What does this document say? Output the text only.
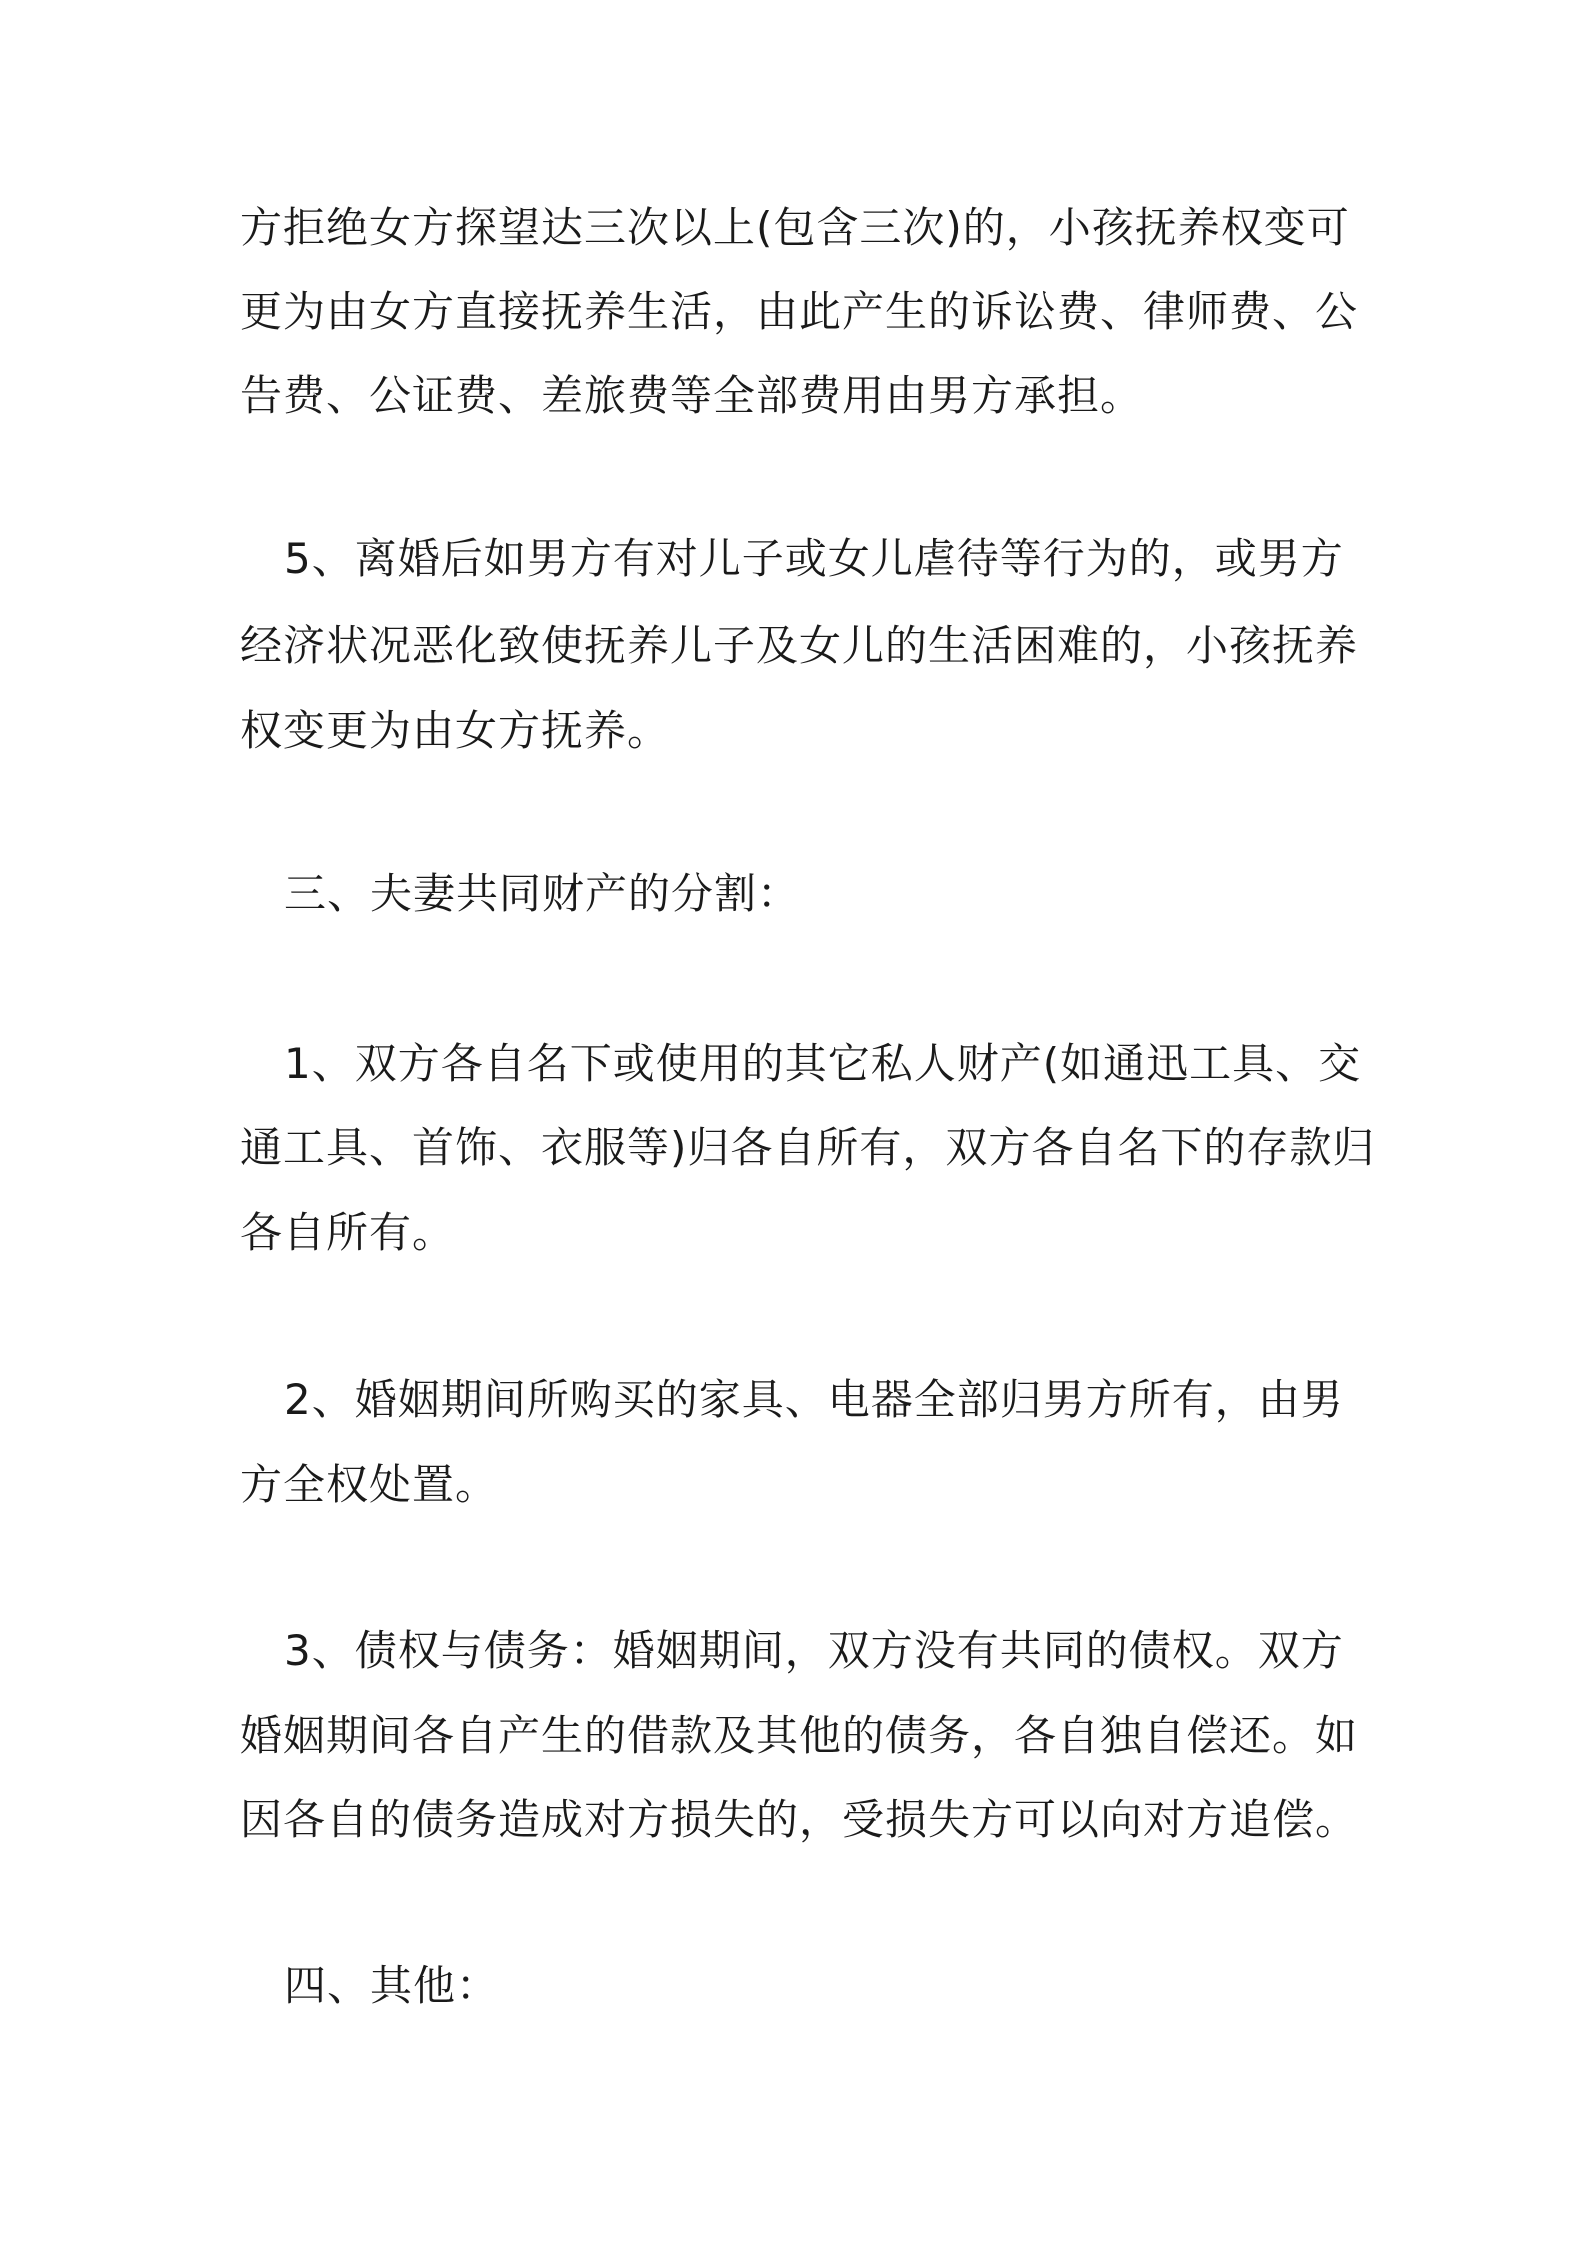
方拒绝女方探望达三次以上(包含三次)的，小孩抚养权变可

更为由女方直接抚养生活，由此产生的诉讼费、律师费、公

告费、公证费、差旅费等全部费用由男方承担。

5、离婚后如男方有对儿子或女儿虐待等行为的，或男方

经济状况恶化致使抚养儿子及女儿的生活困难的，小孩抚养

权变更为由女方抚养。

三、夫妻共同财产的分割：

1、双方各自名下或使用的其它私人财产(如通迅工具、交

通工具、首饰、衣服等)归各自所有，双方各自名下的存款归

各自所有。

2、婚姻期间所购买的家具、电器全部归男方所有，由男

方全权处置。

3、债权与债务：婚姻期间，双方没有共同的债权。双方

婚姻期间各自产生的借款及其他的债务，各自独自偿还。如

因各自的债务造成对方损失的，受损失方可以向对方追偿。

四、其他：
